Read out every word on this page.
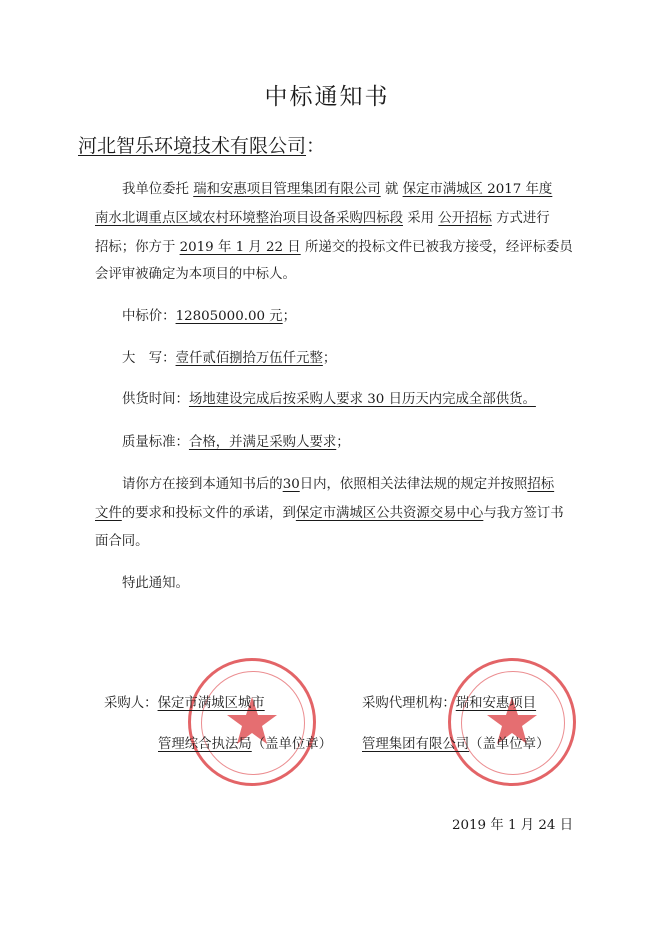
中标通知书
河北智乐环境技术有限公司：
我单位委托 瑞和安惠项目管理集团有限公司 就 保定市满城区 2017 年度
南水北调重点区域农村环境整治项目设备采购四标段 采用 公开招标 方式进行
招标；你方于 2019 年 1 月 22 日 所递交的投标文件已被我方接受，经评标委员
会评审被确定为本项目的中标人。
中标价：12805000.00 元；
大　写：壹仟贰佰捌拾万伍仟元整；
供货时间：场地建设完成后按采购人要求 30 日历天内完成全部供货。
质量标准：合格，并满足采购人要求；
请你方在接到本通知书后的30日内，依照相关法律法规的规定并按照招标
文件的要求和投标文件的承诺，到保定市满城区公共资源交易中心与我方签订书
面合同。
特此通知。
采购人：保定市满城区城市
管理综合执法局（盖单位章）
采购代理机构：瑞和安惠项目
管理集团有限公司（盖单位章）
2019 年 1 月 24 日
